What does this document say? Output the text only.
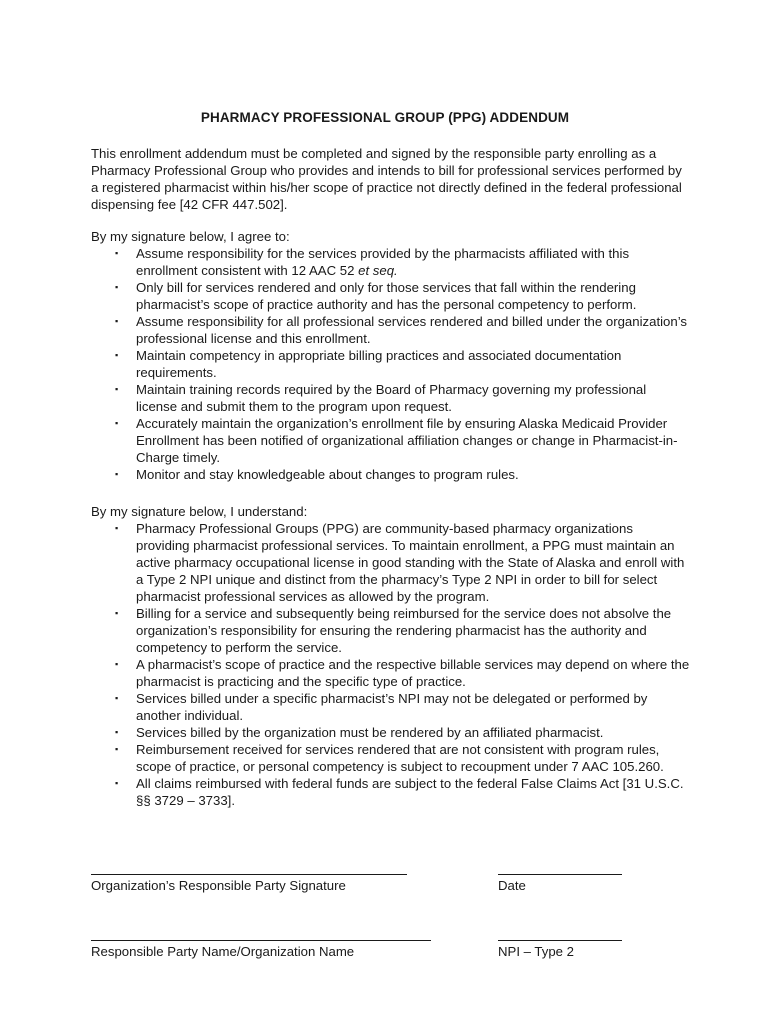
PHARMACY PROFESSIONAL GROUP (PPG) ADDENDUM
This enrollment addendum must be completed and signed by the responsible party enrolling as a Pharmacy Professional Group who provides and intends to bill for professional services performed by a registered pharmacist within his/her scope of practice not directly defined in the federal professional dispensing fee [42 CFR 447.502].
By my signature below, I agree to:
▪ Assume responsibility for the services provided by the pharmacists affiliated with this enrollment consistent with 12 AAC 52 et seq.
▪ Only bill for services rendered and only for those services that fall within the rendering pharmacist’s scope of practice authority and has the personal competency to perform.
▪ Assume responsibility for all professional services rendered and billed under the organization’s professional license and this enrollment.
▪ Maintain competency in appropriate billing practices and associated documentation requirements.
▪ Maintain training records required by the Board of Pharmacy governing my professional license and submit them to the program upon request.
▪ Accurately maintain the organization’s enrollment file by ensuring Alaska Medicaid Provider Enrollment has been notified of organizational affiliation changes or change in Pharmacist-in-Charge timely.
▪ Monitor and stay knowledgeable about changes to program rules.
By my signature below, I understand:
▪ Pharmacy Professional Groups (PPG) are community-based pharmacy organizations providing pharmacist professional services. To maintain enrollment, a PPG must maintain an active pharmacy occupational license in good standing with the State of Alaska and enroll with a Type 2 NPI unique and distinct from the pharmacy’s Type 2 NPI in order to bill for select pharmacist professional services as allowed by the program.
▪ Billing for a service and subsequently being reimbursed for the service does not absolve the organization’s responsibility for ensuring the rendering pharmacist has the authority and competency to perform the service.
▪ A pharmacist’s scope of practice and the respective billable services may depend on where the pharmacist is practicing and the specific type of practice.
▪ Services billed under a specific pharmacist’s NPI may not be delegated or performed by another individual.
▪ Services billed by the organization must be rendered by an affiliated pharmacist.
▪ Reimbursement received for services rendered that are not consistent with program rules, scope of practice, or personal competency is subject to recoupment under 7 AAC 105.260.
▪ All claims reimbursed with federal funds are subject to the federal False Claims Act [31 U.S.C. §§ 3729 – 3733].
Organization’s Responsible Party Signature	Date
Responsible Party Name/Organization Name	NPI – Type 2
